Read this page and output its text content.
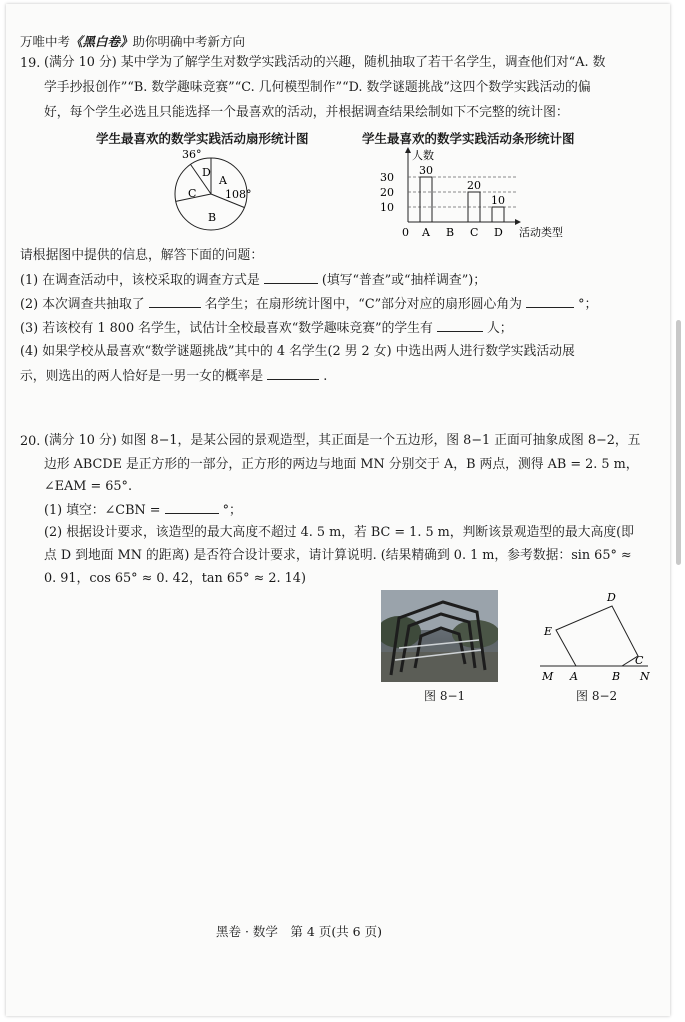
万唯中考《黑白卷》助你明确中考新方向
19. (满分 10 分) 某中学为了解学生对数学实践活动的兴趣，随机抽取了若干名学生，调查他们对“A. 数
学手抄报创作”“B. 数学趣味竞赛”“C. 几何模型制作”“D. 数学谜题挑战”这四个数学实践活动的偏
好，每个学生必选且只能选择一个最喜欢的活动，并根据调查结果绘制如下不完整的统计图：
学生最喜欢的数学实践活动扇形统计图	学生最喜欢的数学实践活动条形统计图
36°
D
A
108°
C
B
人数
活动类型
0
10
20
30
30
A B
20
C
10
D
请根据图中提供的信息，解答下面的问题：
(1) 在调查活动中，该校采取的调查方式是	(填写“普查”或“抽样调查”)；
(2) 本次调查共抽取了	名学生；在扇形统计图中，“C”部分对应的扇形圆心角为	°；
(3) 若该校有 1 800 名学生，试估计全校最喜欢“数学趣味竞赛”的学生有	人；
(4) 如果学校从最喜欢“数学谜题挑战”其中的 4 名学生(2 男 2 女) 中选出两人进行数学实践活动展
示，则选出的两人恰好是一男一女的概率是	.
20. (满分 10 分) 如图 8−1，是某公园的景观造型，其正面是一个五边形，图 8−1 正面可抽象成图 8−2，五
边形 ABCDE 是正方形的一部分，正方形的两边与地面 MN 分别交于 A，B 两点，测得 AB = 2. 5 m，
∠EAM = 65°.
(1) 填空：∠CBN =	°；
(2) 根据设计要求，该造型的最大高度不超过 4. 5 m，若 BC = 1. 5 m，判断该景观造型的最大高度(即
点 D 到地面 MN 的距离) 是否符合设计要求，请计算说明. (结果精确到 0. 1 m，参考数据：sin 65° ≈
0. 91，cos 65° ≈ 0. 42，tan 65° ≈ 2. 14)
图 8−1
D
E
C
M A	B N
图 8−2
黑卷 · 数学　第 4 页(共 6 页)
